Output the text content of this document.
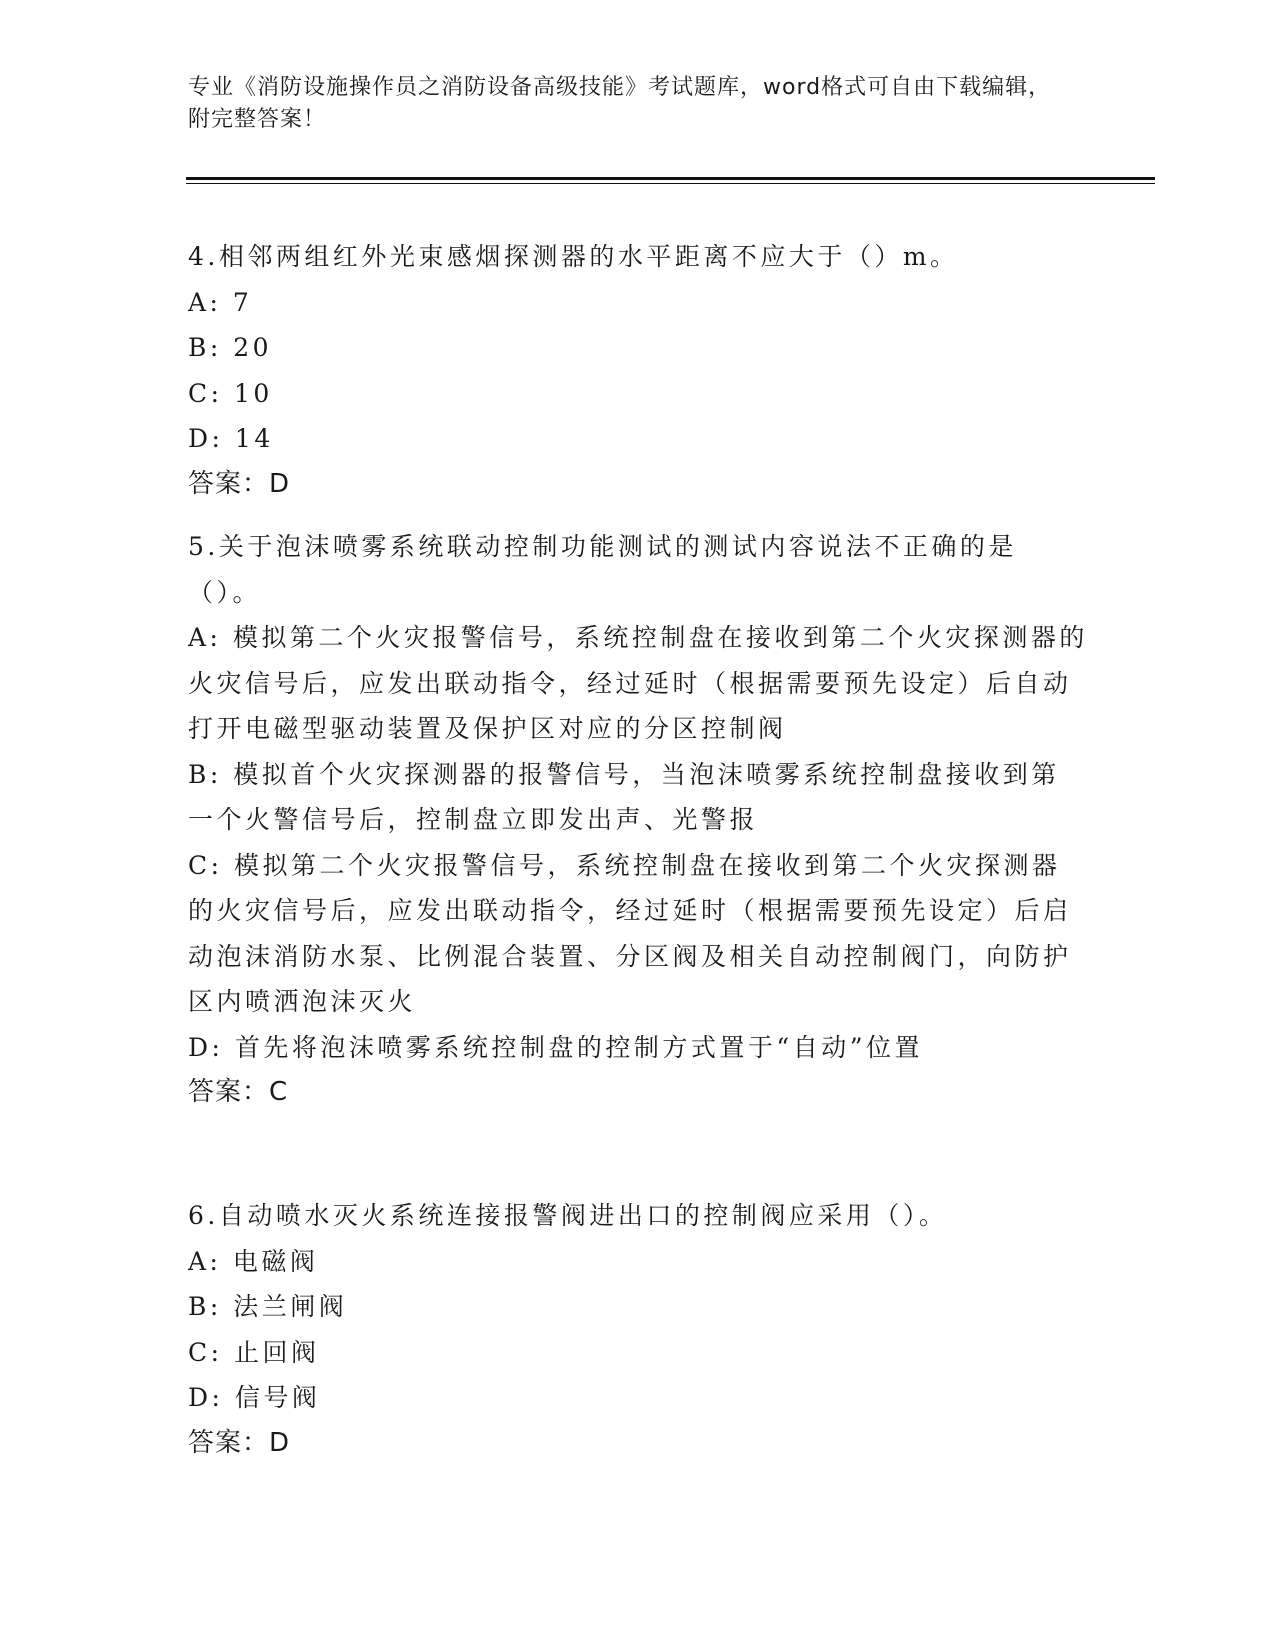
专业《消防设施操作员之消防设备高级技能》考试题库，word格式可自由下载编辑，附完整答案！
4.相邻两组红外光束感烟探测器的水平距离不应大于（）m。
A: 7
B: 20
C: 10
D: 14
答案：D
5.关于泡沫喷雾系统联动控制功能测试的测试内容说法不正确的是（）。
A: 模拟第二个火灾报警信号，系统控制盘在接收到第二个火灾探测器的火灾信号后，应发出联动指令，经过延时（根据需要预先设定）后自动打开电磁型驱动装置及保护区对应的分区控制阀
B: 模拟首个火灾探测器的报警信号，当泡沫喷雾系统控制盘接收到第一个火警信号后，控制盘立即发出声、光警报
C: 模拟第二个火灾报警信号，系统控制盘在接收到第二个火灾探测器的火灾信号后，应发出联动指令，经过延时（根据需要预先设定）后启动泡沫消防水泵、比例混合装置、分区阀及相关自动控制阀门，向防护区内喷洒泡沫灭火
D: 首先将泡沫喷雾系统控制盘的控制方式置于“自动”位置
答案：C
6.自动喷水灭火系统连接报警阀进出口的控制阀应采用（）。
A: 电磁阀
B: 法兰闸阀
C: 止回阀
D: 信号阀
答案：D
